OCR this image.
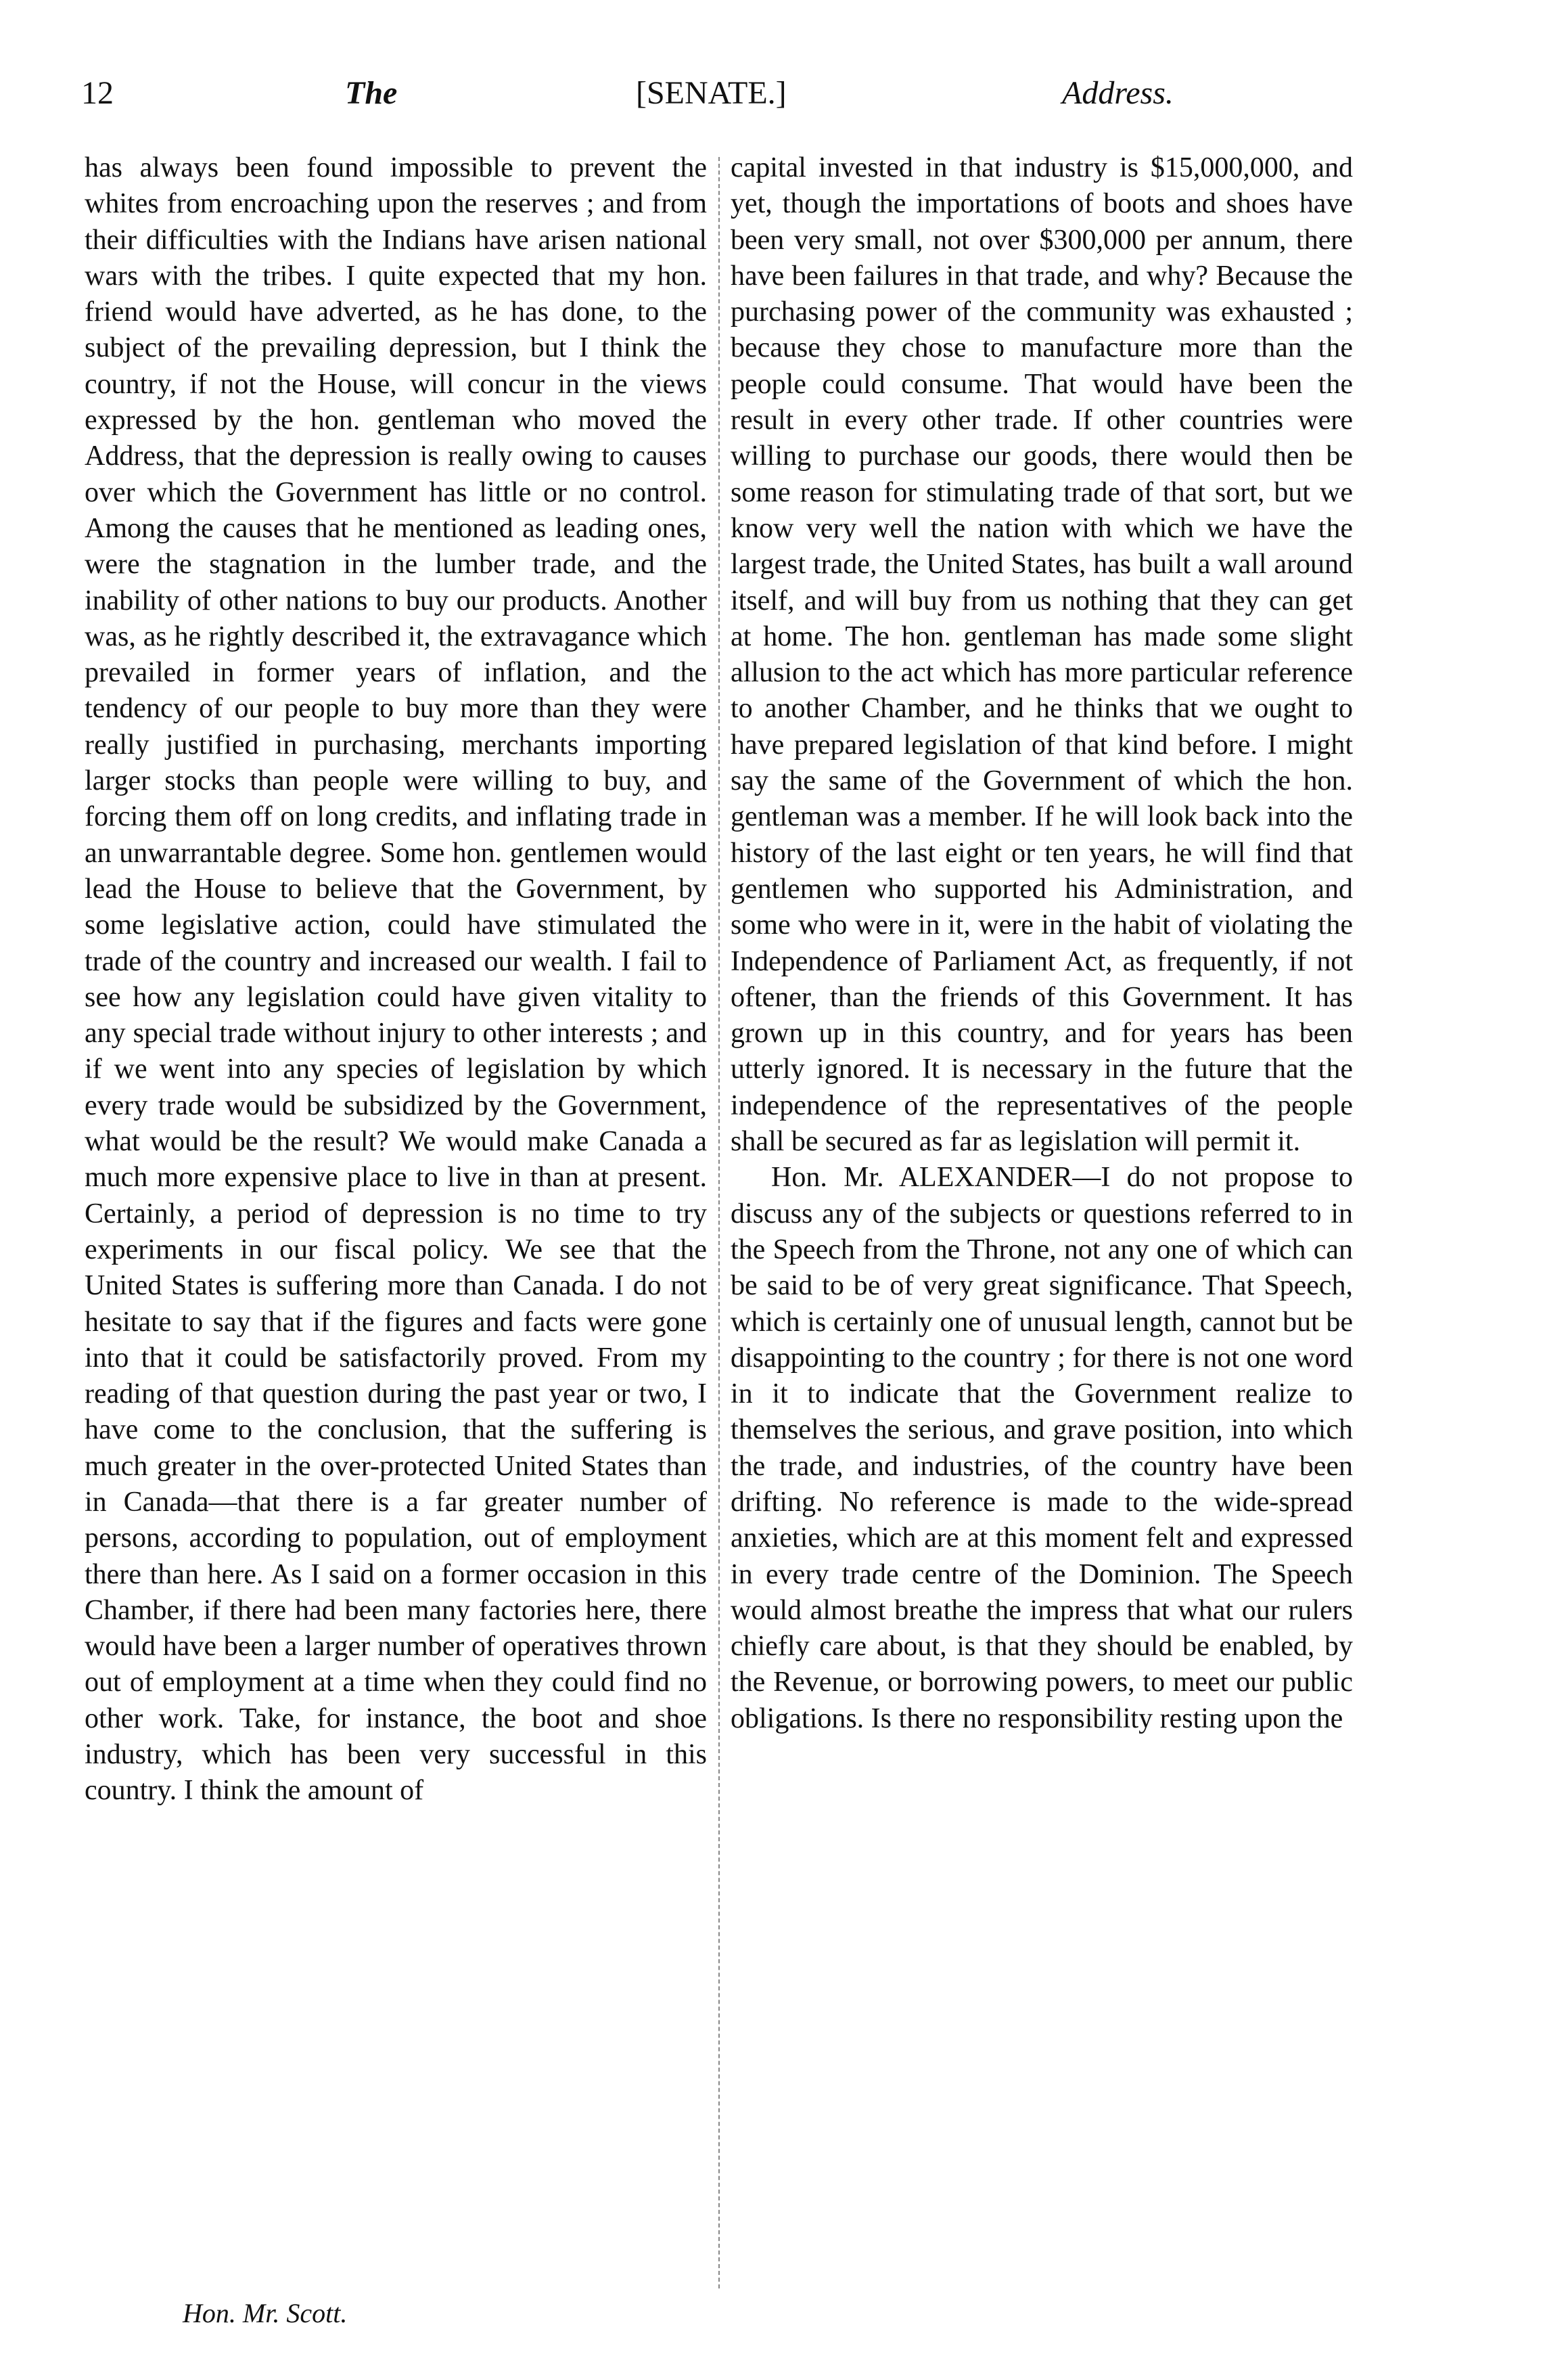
12	The	[SENATE.]	Address.

has always been found impossible to prevent the whites from encroaching upon the reserves ; and from their difficulties with the Indians have arisen national wars with the tribes. I quite expected that my hon. friend would have adverted, as he has done, to the subject of the prevailing depression, but I think the country, if not the House, will concur in the views expressed by the hon. gentleman who moved the Address, that the depression is really owing to causes over which the Government has little or no control. Among the causes that he mentioned as leading ones, were the stagnation in the lumber trade, and the inability of other nations to buy our products. Another was, as he rightly described it, the extravagance which prevailed in former years of inflation, and the tendency of our people to buy more than they were really justified in purchasing, merchants importing larger stocks than people were willing to buy, and forcing them off on long credits, and inflating trade in an unwarrantable degree. Some hon. gentlemen would lead the House to believe that the Government, by some legislative action, could have stimulated the trade of the country and increased our wealth. I fail to see how any legislation could have given vitality to any special trade without injury to other interests ; and if we went into any species of legislation by which every trade would be subsidized by the Government, what would be the result? We would make Canada a much more expensive place to live in than at present. Certainly, a period of depression is no time to try experiments in our fiscal policy. We see that the United States is suffering more than Canada. I do not hesitate to say that if the figures and facts were gone into that it could be satisfactorily proved. From my reading of that question during the past year or two, I have come to the conclusion, that the suffering is much greater in the over-protected United States than in Canada—that there is a far greater number of persons, according to population, out of employment there than here. As I said on a former occasion in this Chamber, if there had been many factories here, there would have been a larger number of operatives thrown out of employment at a time when they could find no other work. Take, for instance, the boot and shoe industry, which has been very successful in this country. I think the amount of

capital invested in that industry is $15,000,000, and yet, though the importations of boots and shoes have been very small, not over $300,000 per annum, there have been failures in that trade, and why? Because the purchasing power of the community was exhausted ; because they chose to manufacture more than the people could consume. That would have been the result in every other trade. If other countries were willing to purchase our goods, there would then be some reason for stimulating trade of that sort, but we know very well the nation with which we have the largest trade, the United States, has built a wall around itself, and will buy from us nothing that they can get at home. The hon. gentleman has made some slight allusion to the act which has more particular reference to another Chamber, and he thinks that we ought to have prepared legislation of that kind before. I might say the same of the Government of which the hon. gentleman was a member. If he will look back into the history of the last eight or ten years, he will find that gentlemen who supported his Administration, and some who were in it, were in the habit of violating the Independence of Parliament Act, as frequently, if not oftener, than the friends of this Government. It has grown up in this country, and for years has been utterly ignored. It is necessary in the future that the independence of the representatives of the people shall be secured as far as legislation will permit it.

Hon. Mr. ALEXANDER—I do not propose to discuss any of the subjects or questions referred to in the Speech from the Throne, not any one of which can be said to be of very great significance. That Speech, which is certainly one of unusual length, cannot but be disappointing to the country ; for there is not one word in it to indicate that the Government realize to themselves the serious, and grave position, into which the trade, and industries, of the country have been drifting. No reference is made to the wide-spread anxieties, which are at this moment felt and expressed in every trade centre of the Dominion. The Speech would almost breathe the impress that what our rulers chiefly care about, is that they should be enabled, by the Revenue, or borrowing powers, to meet our public obligations. Is there no responsibility resting upon the

Hon. Mr. Scott.
